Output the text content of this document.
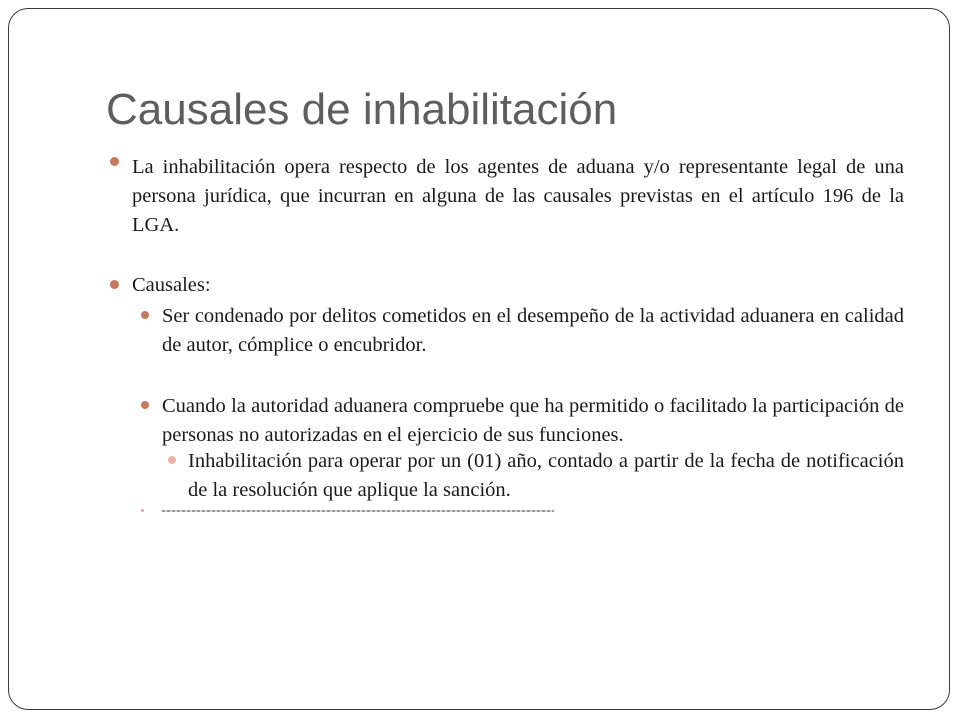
Causales de inhabilitación

La inhabilitación opera respecto de los agentes de aduana y/o representante legal de una persona jurídica, que incurran en alguna de las causales previstas en el artículo 196 de la LGA.

Causales:

Ser condenado por delitos cometidos en el desempeño de la actividad aduanera en calidad de autor, cómplice o encubridor.

Cuando la autoridad aduanera compruebe que ha permitido o facilitado la participación de personas no autorizadas en el ejercicio de sus funciones.

Inhabilitación para operar por un (01) año, contado a partir de la fecha de notificación de la resolución que aplique la sanción.
